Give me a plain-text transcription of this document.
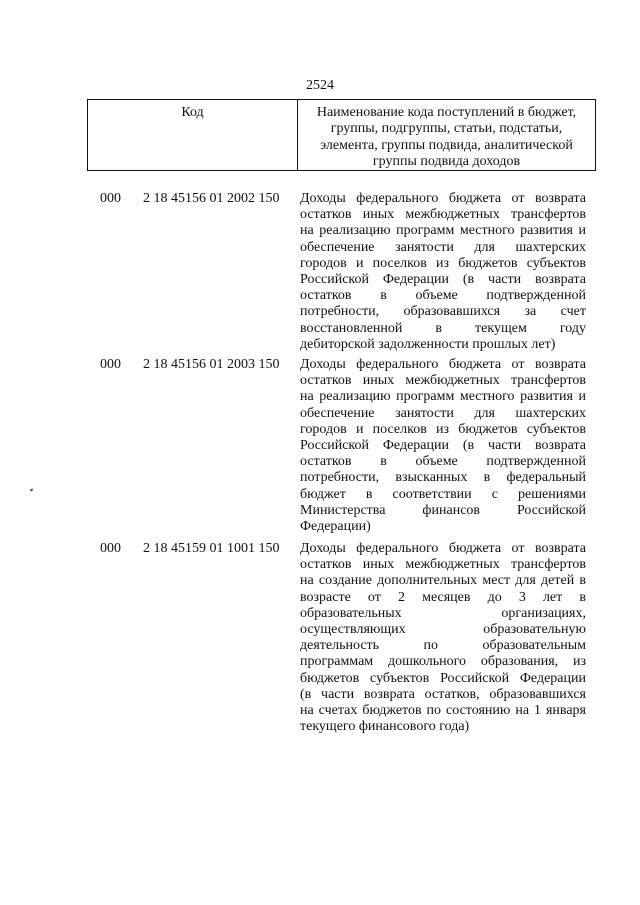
2524
Код	Наименование кода поступлений в бюджет,
группы, подгруппы, статьи, подстатьи,
элемента, группы подвида, аналитической
группы подвида доходов
000 2 18 45156 01 2002 150 Доходы федерального бюджета от возврата
остатков иных межбюджетных трансфертов
на реализацию программ местного развития и
обеспечение занятости для шахтерских
городов и поселков из бюджетов субъектов
Российской Федерации (в части возврата
остатков в объеме подтвержденной
потребности, образовавшихся за счет
восстановленной в текущем году
дебиторской задолженности прошлых лет)
000 2 18 45156 01 2003 150 Доходы федерального бюджета от возврата
остатков иных межбюджетных трансфертов
на реализацию программ местного развития и
обеспечение занятости для шахтерских
городов и поселков из бюджетов субъектов
Российской Федерации (в части возврата
остатков в объеме подтвержденной
потребности, взысканных в федеральный
бюджет в соответствии с решениями
Министерства финансов Российской
Федерации)
000 2 18 45159 01 1001 150 Доходы федерального бюджета от возврата
остатков иных межбюджетных трансфертов
на создание дополнительных мест для детей в
возрасте от 2 месяцев до 3 лет в
образовательных организациях,
осуществляющих образовательную
деятельность по образовательным
программам дошкольного образования, из
бюджетов субъектов Российской Федерации
(в части возврата остатков, образовавшихся
на счетах бюджетов по состоянию на 1 января
текущего финансового года)
